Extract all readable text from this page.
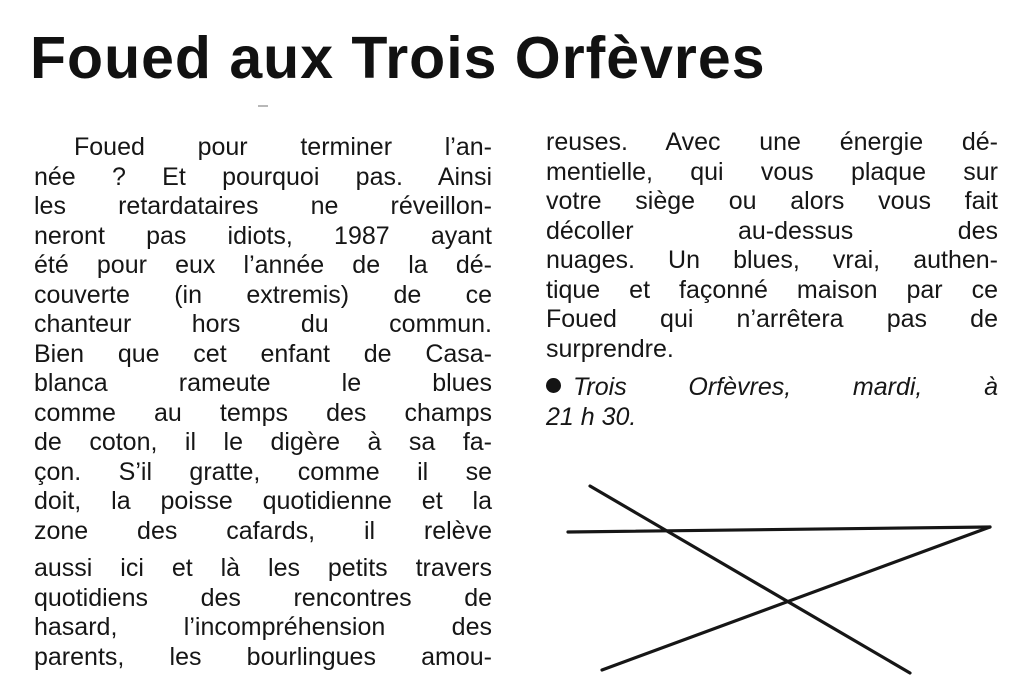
Foued aux Trois Orfèvres
Foued pour terminer l’an-
née ? Et pourquoi pas. Ainsi
les retardataires ne réveillon-
neront pas idiots, 1987 ayant
été pour eux l’année de la dé-
couverte (in extremis) de ce
chanteur hors du commun.
Bien que cet enfant de Casa-
blanca rameute le blues
comme au temps des champs
de coton, il le digère à sa fa-
çon. S’il gratte, comme il se
doit, la poisse quotidienne et la
zone des cafards, il relève
aussi ici et là les petits travers
quotidiens des rencontres de
hasard, l’incompréhension des
parents, les bourlingues amou-
reuses. Avec une énergie dé-
mentielle, qui vous plaque sur
votre siège ou alors vous fait
décoller au-dessus des
nuages. Un blues, vrai, authen-
tique et façonné maison par ce
Foued qui n’arrêtera pas de
surprendre.
Trois Orfèvres, mardi, à
21 h 30.
